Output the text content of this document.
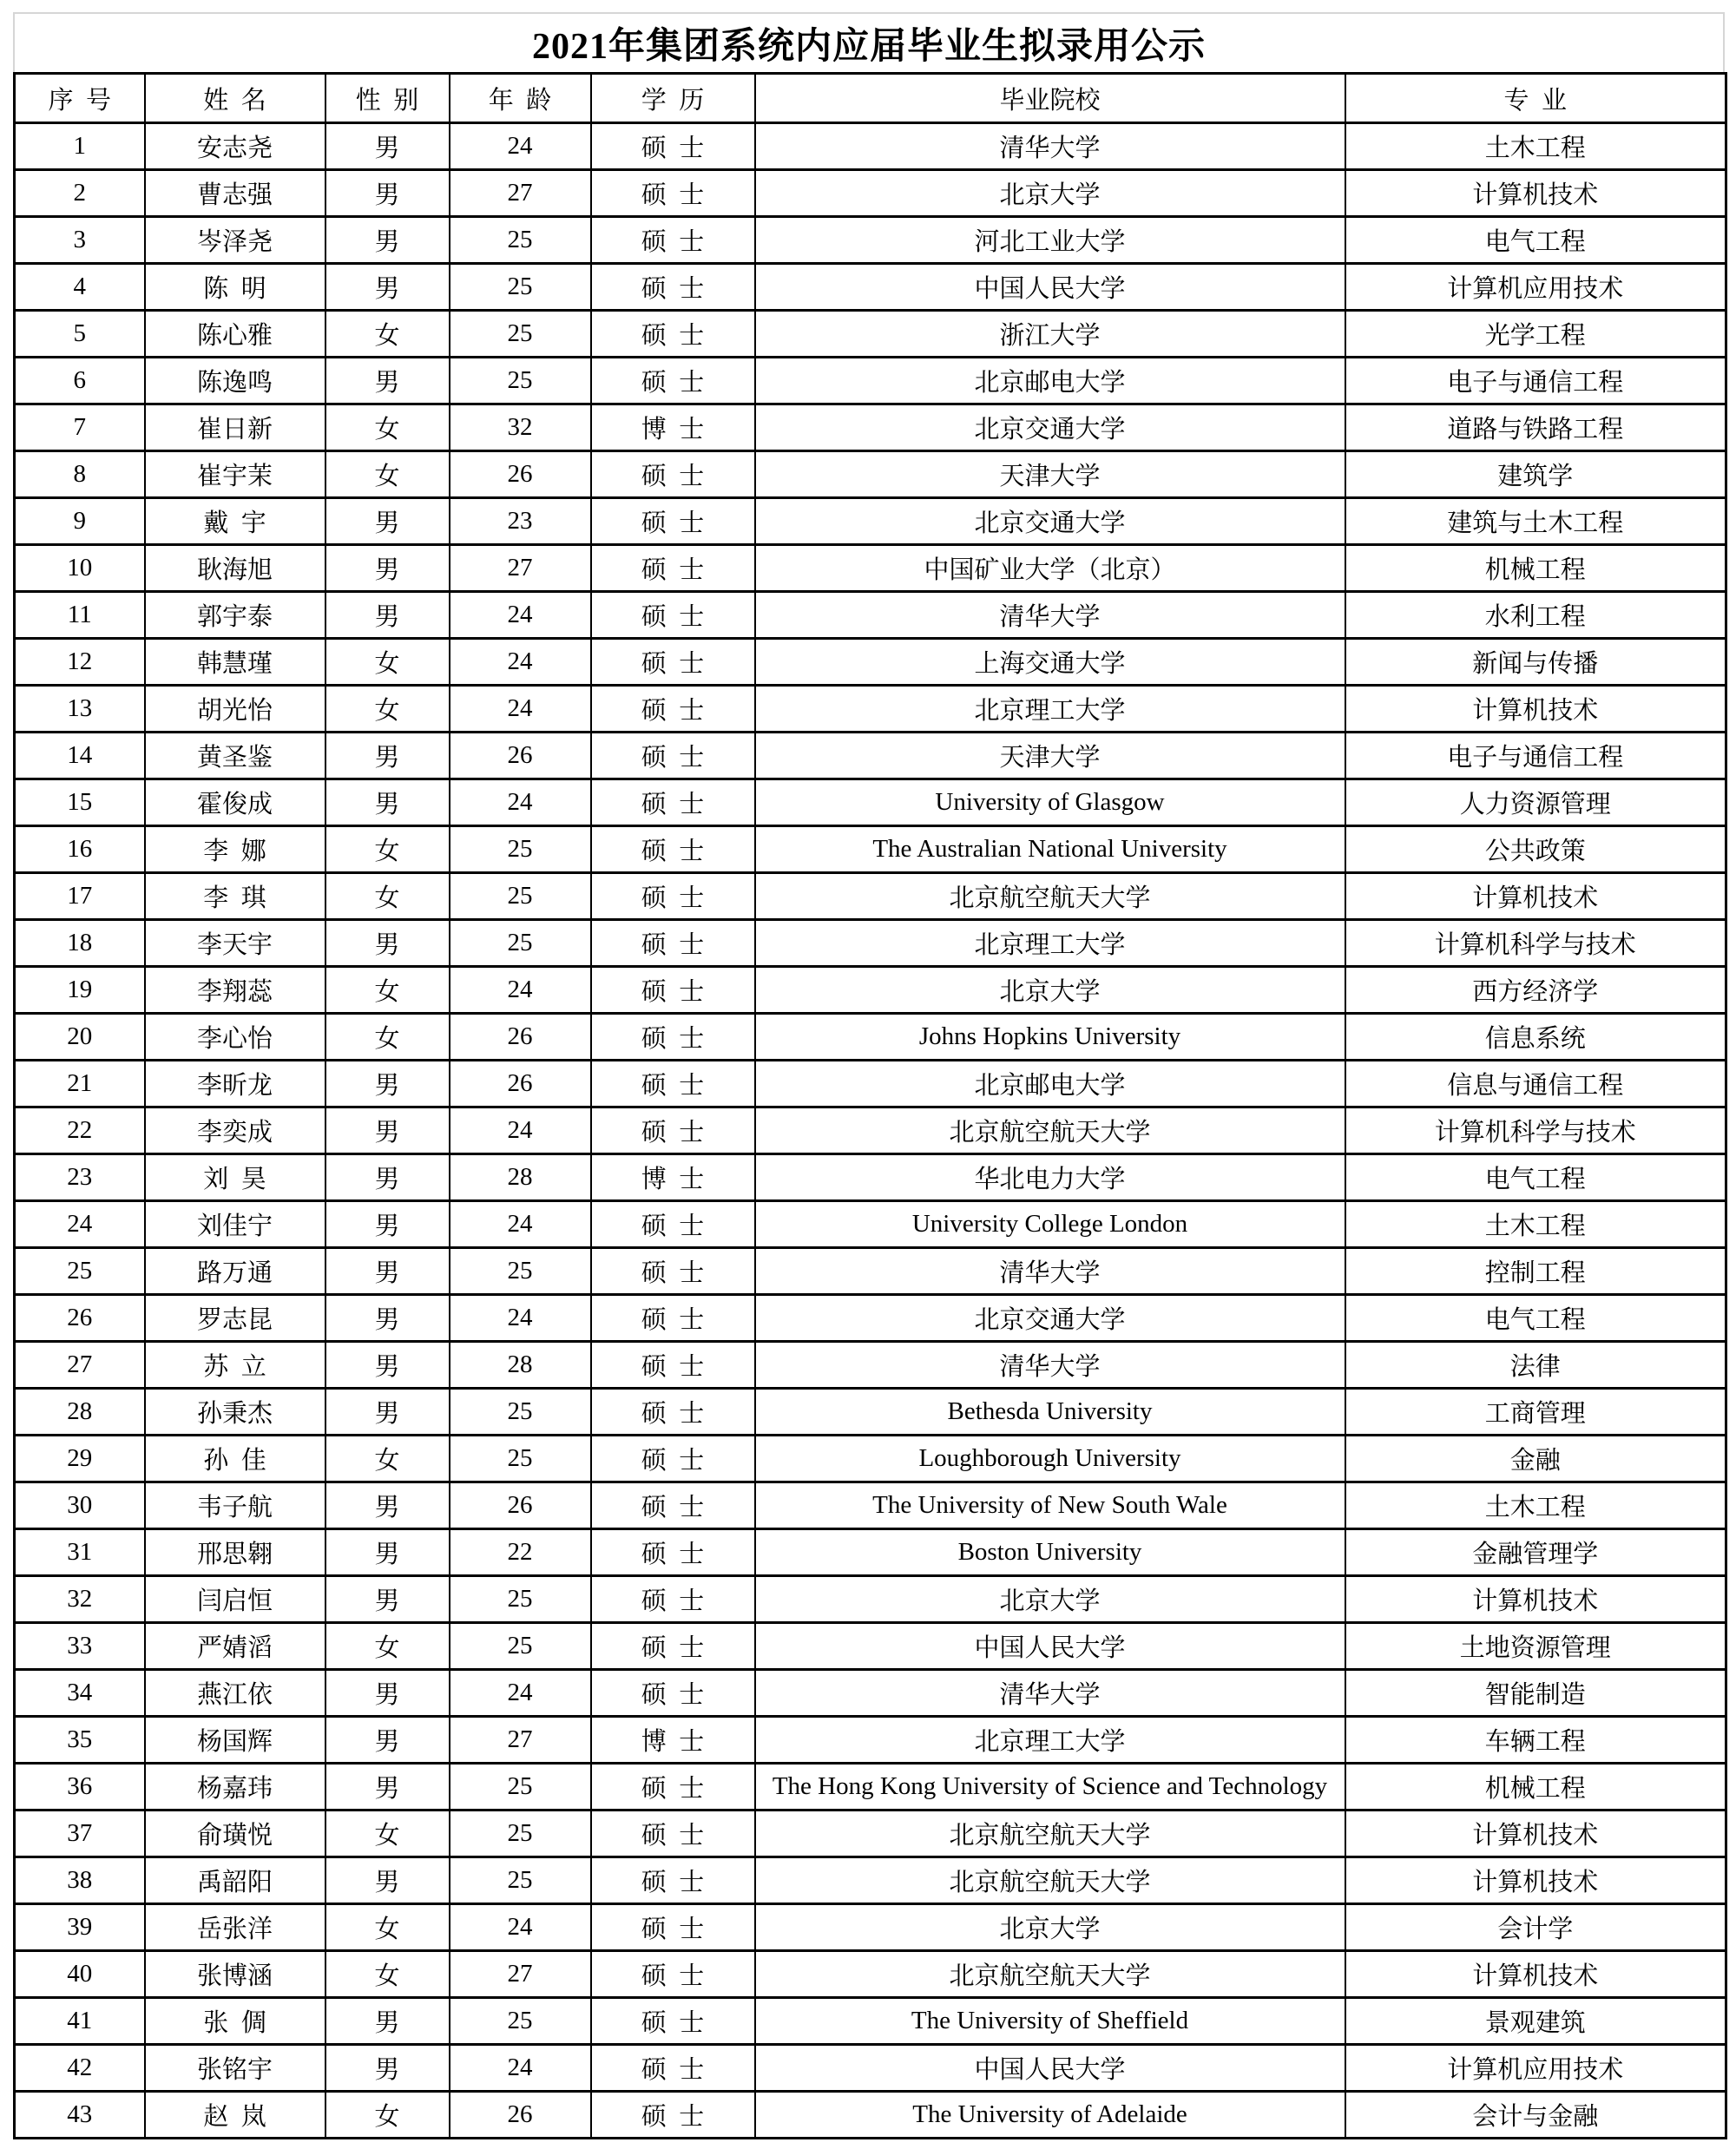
2021年集团系统内应届毕业生拟录用公示
序号	姓名	性别	年龄	学历	毕业院校	专业
1	安志尧	男	24	硕士	清华大学	土木工程
2	曹志强	男	27	硕士	北京大学	计算机技术
3	岑泽尧	男	25	硕士	河北工业大学	电气工程
4	陈明	男	25	硕士	中国人民大学	计算机应用技术
5	陈心雅	女	25	硕士	浙江大学	光学工程
6	陈逸鸣	男	25	硕士	北京邮电大学	电子与通信工程
7	崔日新	女	32	博士	北京交通大学	道路与铁路工程
8	崔宇茉	女	26	硕士	天津大学	建筑学
9	戴宇	男	23	硕士	北京交通大学	建筑与土木工程
10	耿海旭	男	27	硕士	中国矿业大学（北京）	机械工程
11	郭宇泰	男	24	硕士	清华大学	水利工程
12	韩慧瑾	女	24	硕士	上海交通大学	新闻与传播
13	胡光怡	女	24	硕士	北京理工大学	计算机技术
14	黄圣鉴	男	26	硕士	天津大学	电子与通信工程
15	霍俊成	男	24	硕士	University of Glasgow	人力资源管理
16	李娜	女	25	硕士	The Australian National University	公共政策
17	李琪	女	25	硕士	北京航空航天大学	计算机技术
18	李天宇	男	25	硕士	北京理工大学	计算机科学与技术
19	李翔蕊	女	24	硕士	北京大学	西方经济学
20	李心怡	女	26	硕士	Johns Hopkins University	信息系统
21	李昕龙	男	26	硕士	北京邮电大学	信息与通信工程
22	李奕成	男	24	硕士	北京航空航天大学	计算机科学与技术
23	刘昊	男	28	博士	华北电力大学	电气工程
24	刘佳宁	男	24	硕士	University College London	土木工程
25	路万通	男	25	硕士	清华大学	控制工程
26	罗志昆	男	24	硕士	北京交通大学	电气工程
27	苏立	男	28	硕士	清华大学	法律
28	孙秉杰	男	25	硕士	Bethesda University	工商管理
29	孙佳	女	25	硕士	Loughborough University	金融
30	韦子航	男	26	硕士	The University of New South Wale	土木工程
31	邢思翱	男	22	硕士	Boston University	金融管理学
32	闫启恒	男	25	硕士	北京大学	计算机技术
33	严婧滔	女	25	硕士	中国人民大学	土地资源管理
34	燕江依	男	24	硕士	清华大学	智能制造
35	杨国辉	男	27	博士	北京理工大学	车辆工程
36	杨嘉玮	男	25	硕士	The Hong Kong University of Science and Technology	机械工程
37	俞璜悦	女	25	硕士	北京航空航天大学	计算机技术
38	禹韶阳	男	25	硕士	北京航空航天大学	计算机技术
39	岳张洋	女	24	硕士	北京大学	会计学
40	张博涵	女	27	硕士	北京航空航天大学	计算机技术
41	张倜	男	25	硕士	The University of Sheffield	景观建筑
42	张铭宇	男	24	硕士	中国人民大学	计算机应用技术
43	赵岚	女	26	硕士	The University of Adelaide	会计与金融
